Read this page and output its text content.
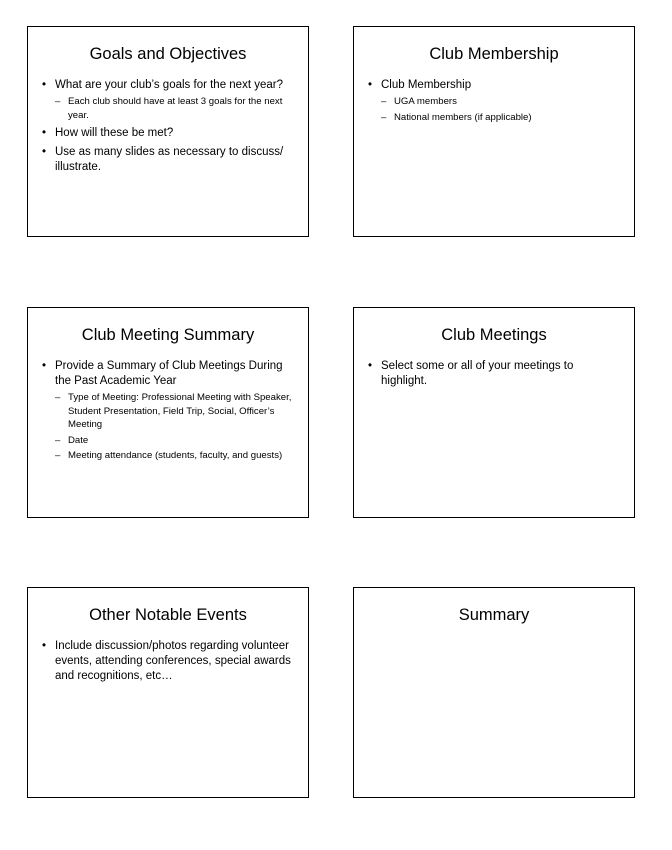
Goals and Objectives
• What are your club’s goals for the next year?
– Each club should have at least 3 goals for the next year.
• How will these be met?
• Use as many slides as necessary to discuss/ illustrate.
Club Membership
• Club Membership
– UGA members
– National members (if applicable)
Club Meeting Summary
• Provide a Summary of Club Meetings During the Past Academic Year
– Type of Meeting: Professional Meeting with Speaker, Student Presentation, Field Trip, Social, Officer’s Meeting
– Date
– Meeting attendance (students, faculty, and guests)
Club Meetings
• Select some or all of your meetings to highlight.
Other Notable Events
• Include discussion/photos regarding volunteer events, attending conferences, special awards and recognitions, etc…
Summary
